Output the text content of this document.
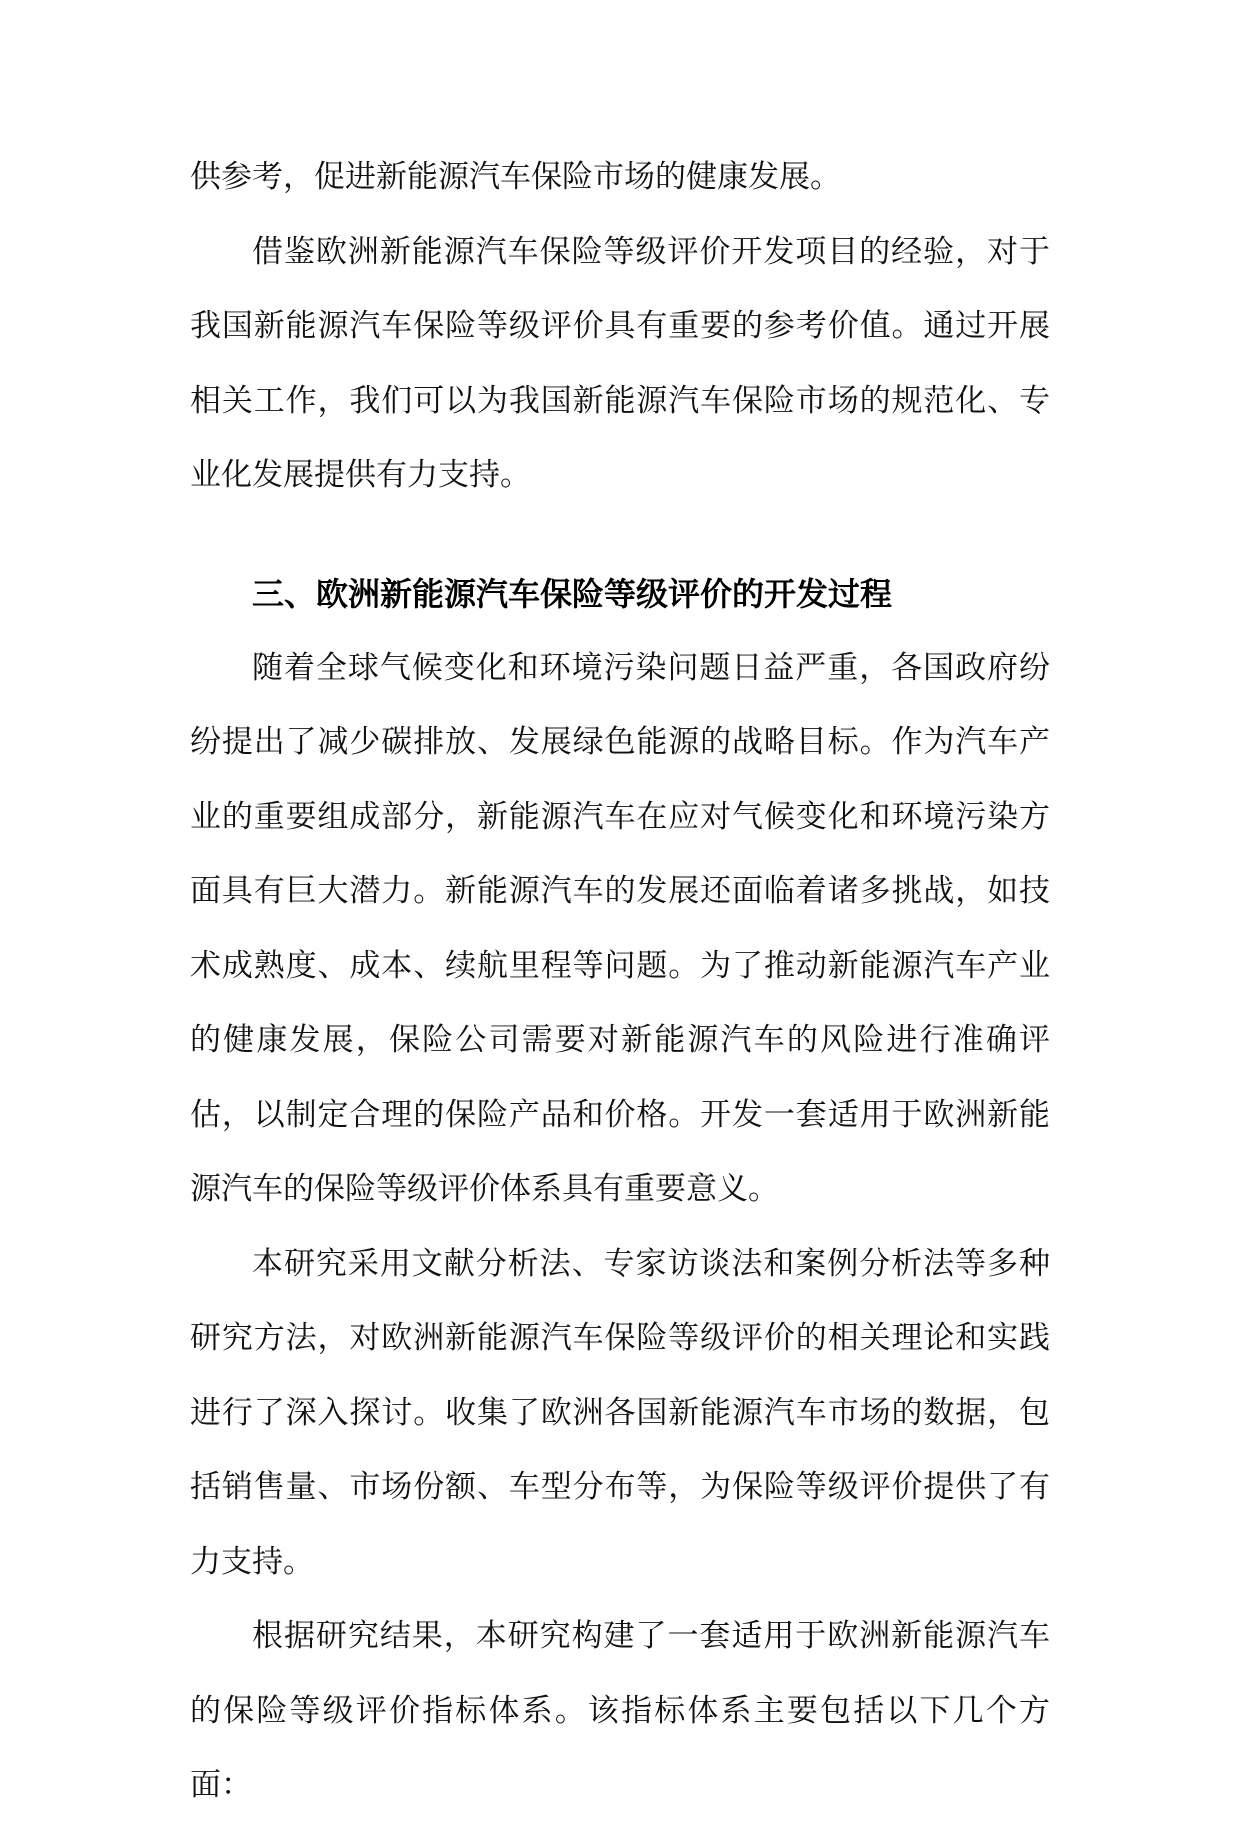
供参考，促进新能源汽车保险市场的健康发展。

借鉴欧洲新能源汽车保险等级评价开发项目的经验，对于我国新能源汽车保险等级评价具有重要的参考价值。通过开展相关工作，我们可以为我国新能源汽车保险市场的规范化、专业化发展提供有力支持。

三、欧洲新能源汽车保险等级评价的开发过程

随着全球气候变化和环境污染问题日益严重，各国政府纷纷提出了减少碳排放、发展绿色能源的战略目标。作为汽车产业的重要组成部分，新能源汽车在应对气候变化和环境污染方面具有巨大潜力。新能源汽车的发展还面临着诸多挑战，如技术成熟度、成本、续航里程等问题。为了推动新能源汽车产业的健康发展，保险公司需要对新能源汽车的风险进行准确评估，以制定合理的保险产品和价格。开发一套适用于欧洲新能源汽车的保险等级评价体系具有重要意义。

本研究采用文献分析法、专家访谈法和案例分析法等多种研究方法，对欧洲新能源汽车保险等级评价的相关理论和实践进行了深入探讨。收集了欧洲各国新能源汽车市场的数据，包括销售量、市场份额、车型分布等，为保险等级评价提供了有力支持。

根据研究结果，本研究构建了一套适用于欧洲新能源汽车的保险等级评价指标体系。该指标体系主要包括以下几个方面：
